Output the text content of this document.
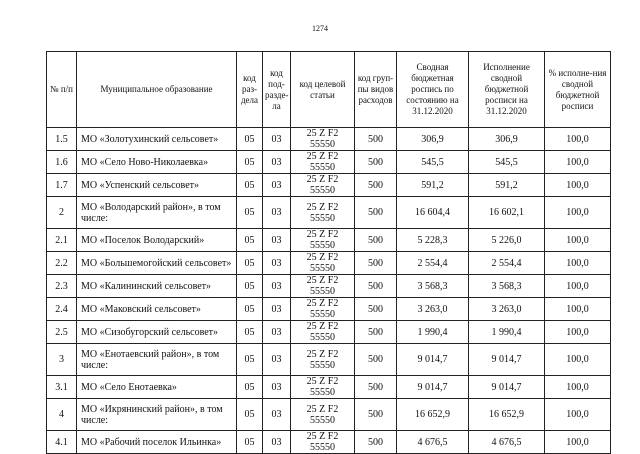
1274
№ п/п	Муниципальное образование	код раз-дела	код под-разде-ла	код целевой статьи	код груп-пы видов расходов	Сводная бюджетная роспись по состоянию на 31.12.2020	Исполнение сводной бюджетной росписи на 31.12.2020	% исполне-ния сводной бюджетной росписи
1.5	МО «Золотухинский сельсовет»	05	03	25 Z F2 55550	500	306,9	306,9	100,0
1.6	МО «Село Ново-Николаевка»	05	03	25 Z F2 55550	500	545,5	545,5	100,0
1.7	МО «Успенский сельсовет»	05	03	25 Z F2 55550	500	591,2	591,2	100,0
2	МО «Володарский район», в том числе:	05	03	25 Z F2 55550	500	16 604,4	16 602,1	100,0
2.1	МО «Поселок Володарский»	05	03	25 Z F2 55550	500	5 228,3	5 226,0	100,0
2.2	МО «Большемогойский сельсовет»	05	03	25 Z F2 55550	500	2 554,4	2 554,4	100,0
2.3	МО «Калининский сельсовет»	05	03	25 Z F2 55550	500	3 568,3	3 568,3	100,0
2.4	МО «Маковский сельсовет»	05	03	25 Z F2 55550	500	3 263,0	3 263,0	100,0
2.5	МО «Сизобугорский сельсовет»	05	03	25 Z F2 55550	500	1 990,4	1 990,4	100,0
3	МО «Енотаевский район», в том числе:	05	03	25 Z F2 55550	500	9 014,7	9 014,7	100,0
3.1	МО «Село Енотаевка»	05	03	25 Z F2 55550	500	9 014,7	9 014,7	100,0
4	МО «Икрянинский район», в том числе:	05	03	25 Z F2 55550	500	16 652,9	16 652,9	100,0
4.1	МО «Рабочий поселок Ильинка»	05	03	25 Z F2 55550	500	4 676,5	4 676,5	100,0
